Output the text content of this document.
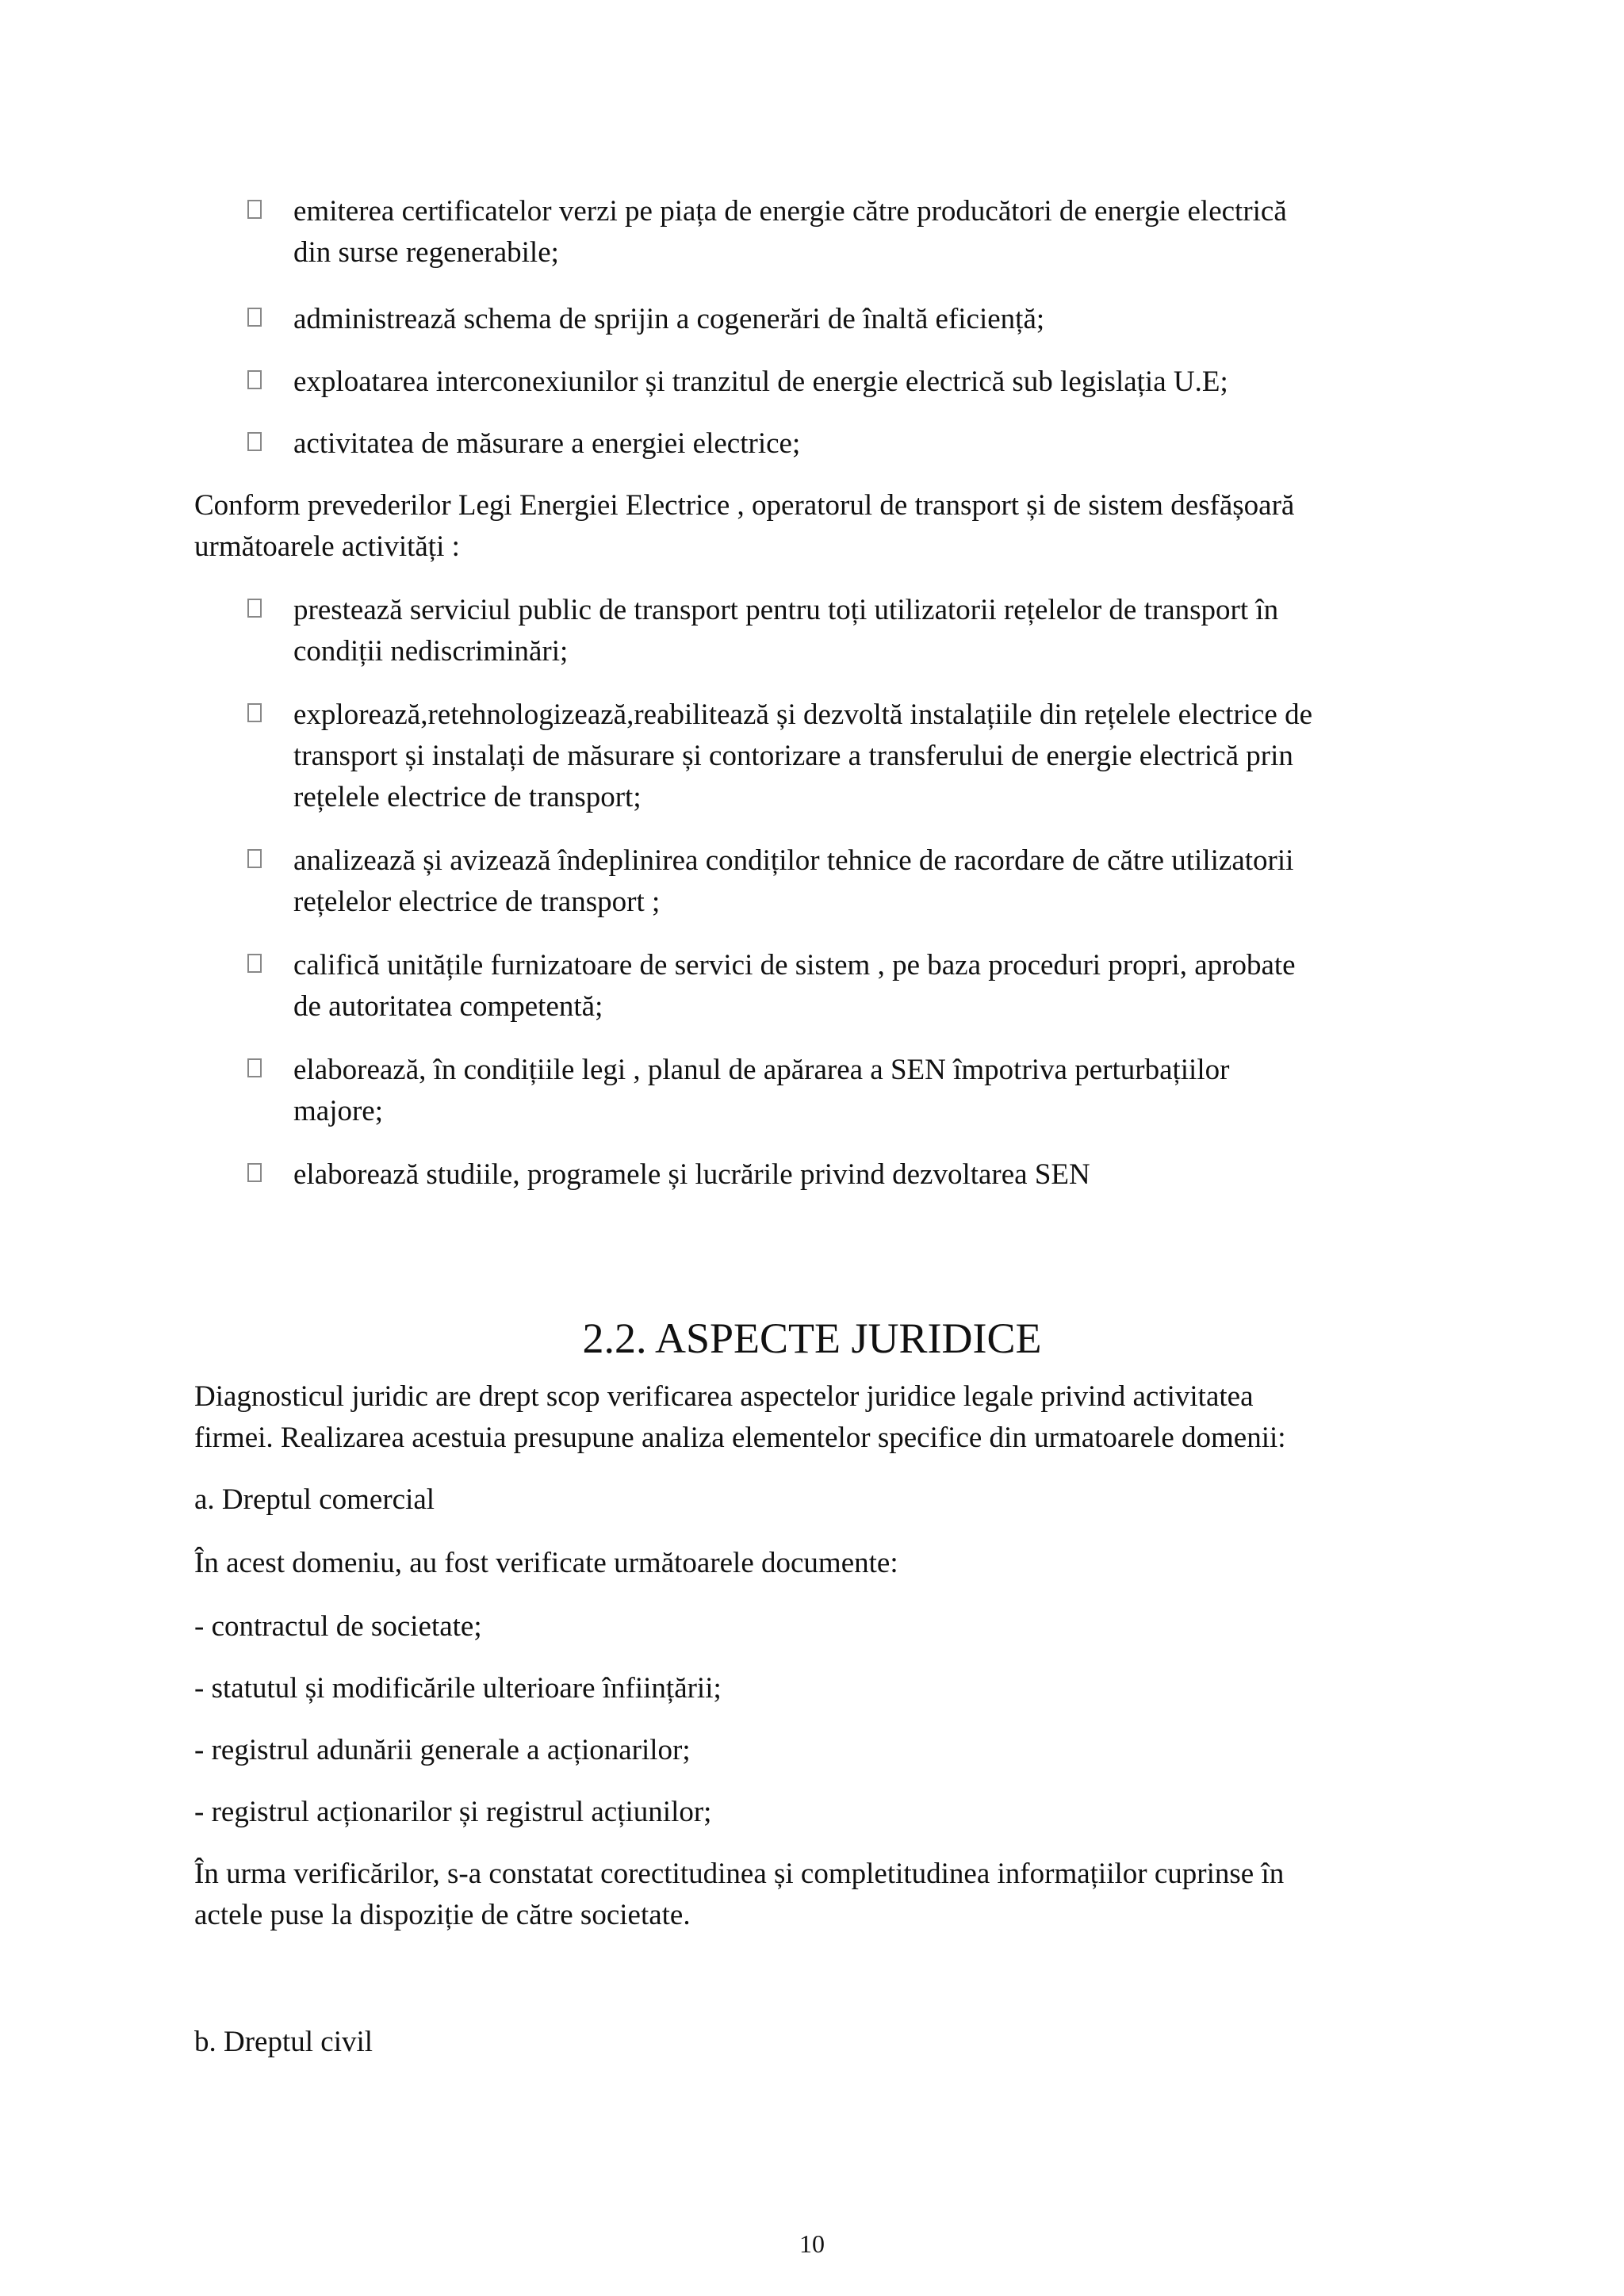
emiterea certificatelor verzi pe piața de energie către producători de energie electrică
din surse regenerabile;
administrează schema de sprijin a cogenerări de înaltă eficiență;
exploatarea interconexiunilor și tranzitul de energie electrică sub legislația U.E;
activitatea de măsurare a energiei electrice;
Conform prevederilor Legi Energiei Electrice , operatorul de transport și de sistem desfășoară
următoarele activități :
prestează serviciul public de transport pentru toți utilizatorii rețelelor de transport în
condiții nediscriminări;
explorează,retehnologizează,reabilitează și dezvoltă instalațiile din rețelele electrice de
transport și instalați de măsurare și contorizare a transferului de energie electrică prin
rețelele electrice de transport;
analizează și avizează îndeplinirea condiților tehnice de racordare de către utilizatorii
rețelelor electrice de transport ;
califică unitățile furnizatoare de servici de sistem , pe baza proceduri propri, aprobate
de autoritatea competentă;
elaborează, în condițiile legi , planul de apărarea a SEN împotriva perturbațiilor
majore;
elaborează studiile, programele și lucrările privind dezvoltarea SEN
2.2. ASPECTE JURIDICE
Diagnosticul juridic are drept scop verificarea aspectelor juridice legale privind activitatea
firmei. Realizarea acestuia presupune analiza elementelor specifice din urmatoarele domenii:
a. Dreptul comercial
În acest domeniu, au fost verificate următoarele documente:
- contractul de societate;
- statutul și modificările ulterioare înființării;
- registrul adunării generale a acționarilor;
- registrul acționarilor și registrul acțiunilor;
În urma verificărilor, s-a constatat corectitudinea și completitudinea informațiilor cuprinse în
actele puse la dispoziție de către societate.
b. Dreptul civil
10
